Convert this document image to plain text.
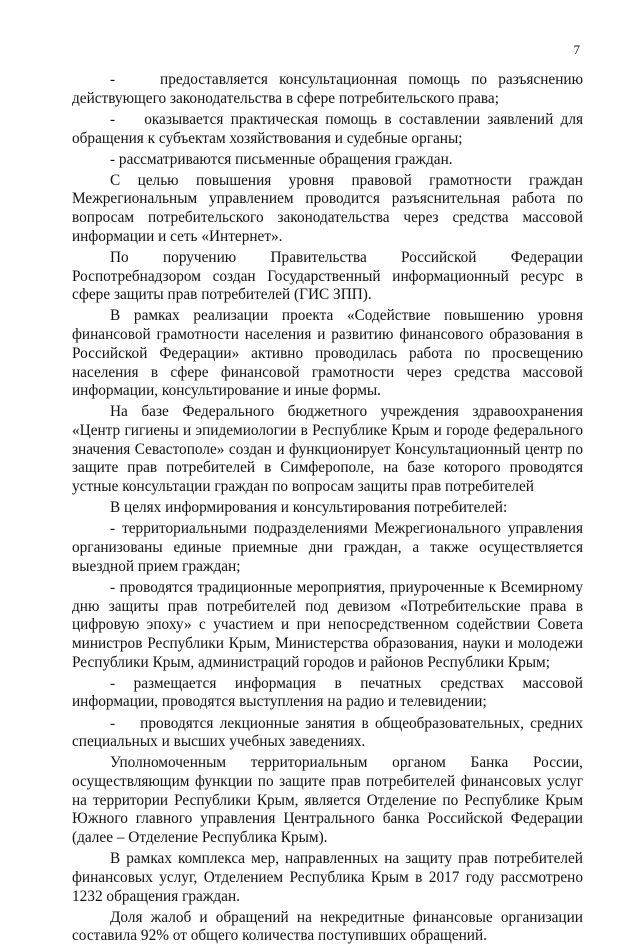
7

-    предоставляется консультационная помощь по разъяснению действующего законодательства в сфере потребительского права;

-    оказывается практическая помощь в составлении заявлений для обращения к субъектам хозяйствования и судебные органы;

- рассматриваются письменные обращения граждан.

С целью повышения уровня правовой грамотности граждан Межрегиональным управлением проводится разъяснительная работа по вопросам потребительского законодательства через средства массовой информации и сеть «Интернет».

По поручению Правительства Российской Федерации Роспотребнадзором создан Государственный информационный ресурс в сфере защиты прав потребителей (ГИС ЗПП).

В рамках реализации проекта «Содействие повышению уровня финансовой грамотности населения и развитию финансового образования в Российской Федерации» активно проводилась работа по просвещению населения в сфере финансовой грамотности через средства массовой информации, консультирование и иные формы.

На базе Федерального бюджетного учреждения здравоохранения «Центр гигиены и эпидемиологии в Республике Крым и городе федерального значения Севастополе» создан и функционирует Консультационный центр по защите прав потребителей в Симферополе, на базе которого проводятся устные консультации граждан по вопросам защиты прав потребителей

В целях информирования и консультирования потребителей:

- территориальными подразделениями Межрегионального управления организованы единые приемные дни граждан, а также осуществляется выездной прием граждан;

- проводятся традиционные мероприятия, приуроченные к Всемирному дню защиты прав потребителей под девизом «Потребительские права в цифровую эпоху» с участием и при непосредственном содействии Совета министров Республики Крым, Министерства образования, науки и молодежи Республики Крым, администраций городов и районов Республики Крым;

- размещается информация в печатных средствах массовой информации, проводятся выступления на радио и телевидении;

-    проводятся лекционные занятия в общеобразовательных, средних специальных и высших учебных заведениях.

Уполномоченным территориальным органом Банка России, осуществляющим функции по защите прав потребителей финансовых услуг на территории Республики Крым, является Отделение по Республике Крым Южного главного управления Центрального банка Российской Федерации (далее – Отделение Республика Крым).

В рамках комплекса мер, направленных на защиту прав потребителей финансовых услуг, Отделением Республика Крым в 2017 году рассмотрено 1232 обращения граждан.

Доля жалоб и обращений на некредитные финансовые организации составила 92% от общего количества поступивших обращений.
